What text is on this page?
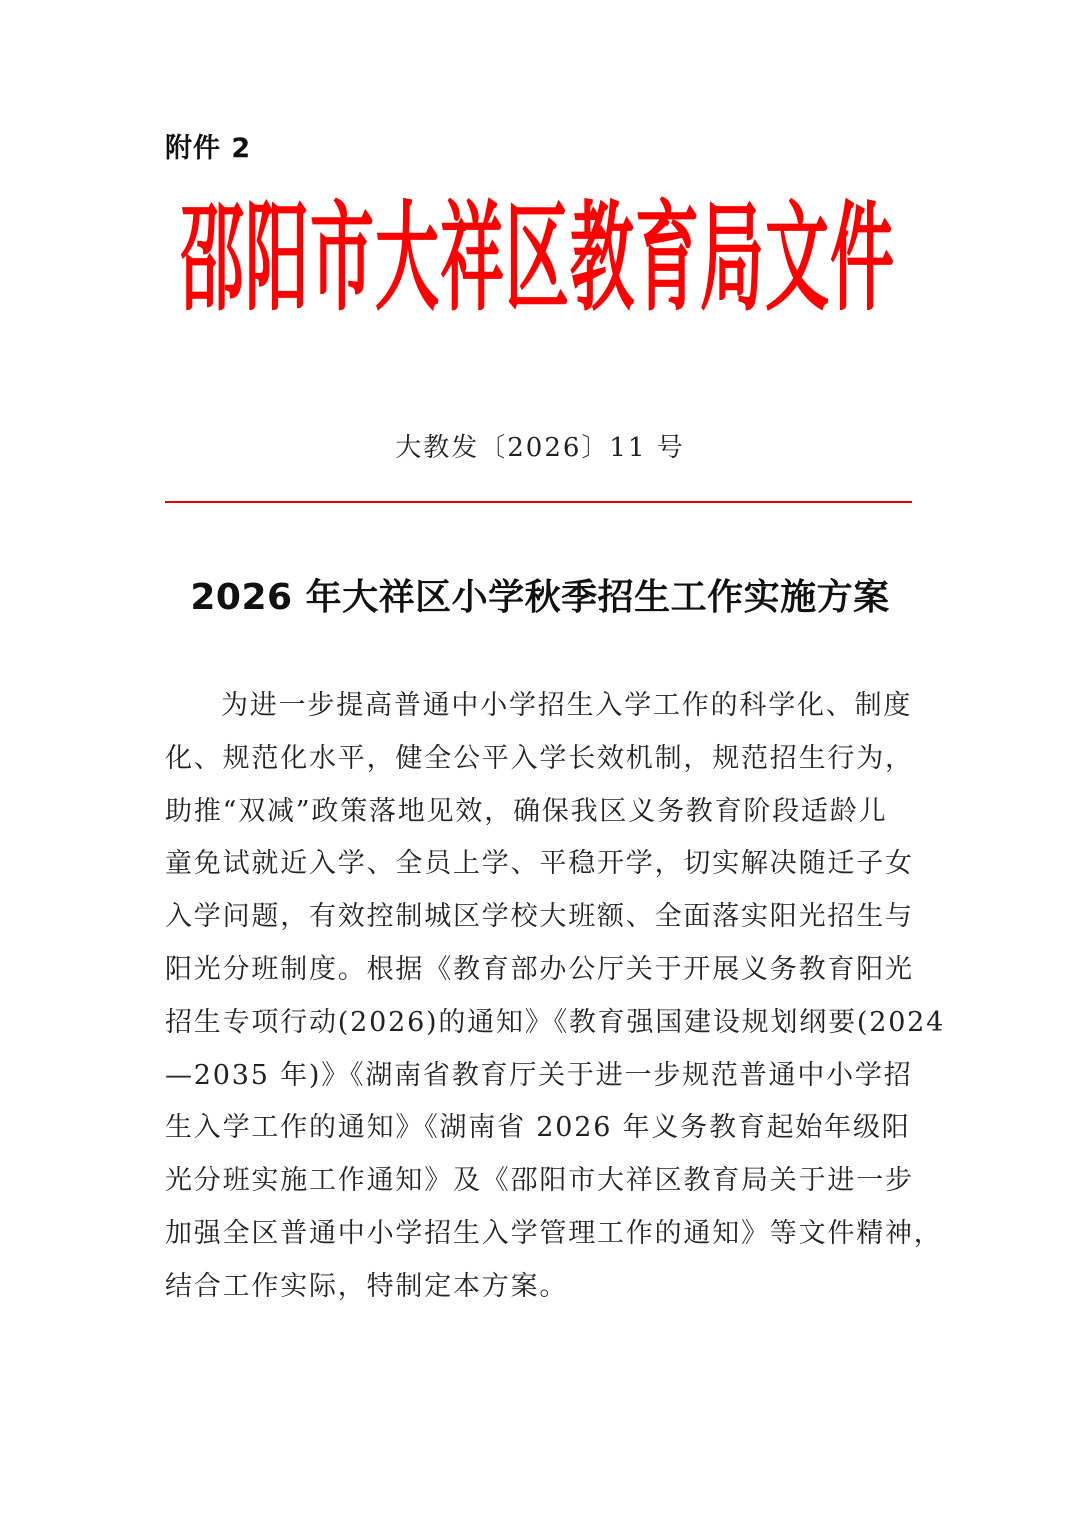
附件 2
邵阳市大祥区教育局文件
大教发〔2026〕11 号
2026 年大祥区小学秋季招生工作实施方案
为进一步提高普通中小学招生入学工作的科学化、制度
化、规范化水平，健全公平入学长效机制，规范招生行为，
助推“双减”政策落地见效，确保我区义务教育阶段适龄儿
童免试就近入学、全员上学、平稳开学，切实解决随迁子女
入学问题，有效控制城区学校大班额、全面落实阳光招生与
阳光分班制度。根据《教育部办公厅关于开展义务教育阳光
招生专项行动(2026)的通知》《教育强国建设规划纲要(2024
—2035 年)》《湖南省教育厅关于进一步规范普通中小学招
生入学工作的通知》《湖南省 2026 年义务教育起始年级阳
光分班实施工作通知》及《邵阳市大祥区教育局关于进一步
加强全区普通中小学招生入学管理工作的通知》等文件精神，
结合工作实际，特制定本方案。
